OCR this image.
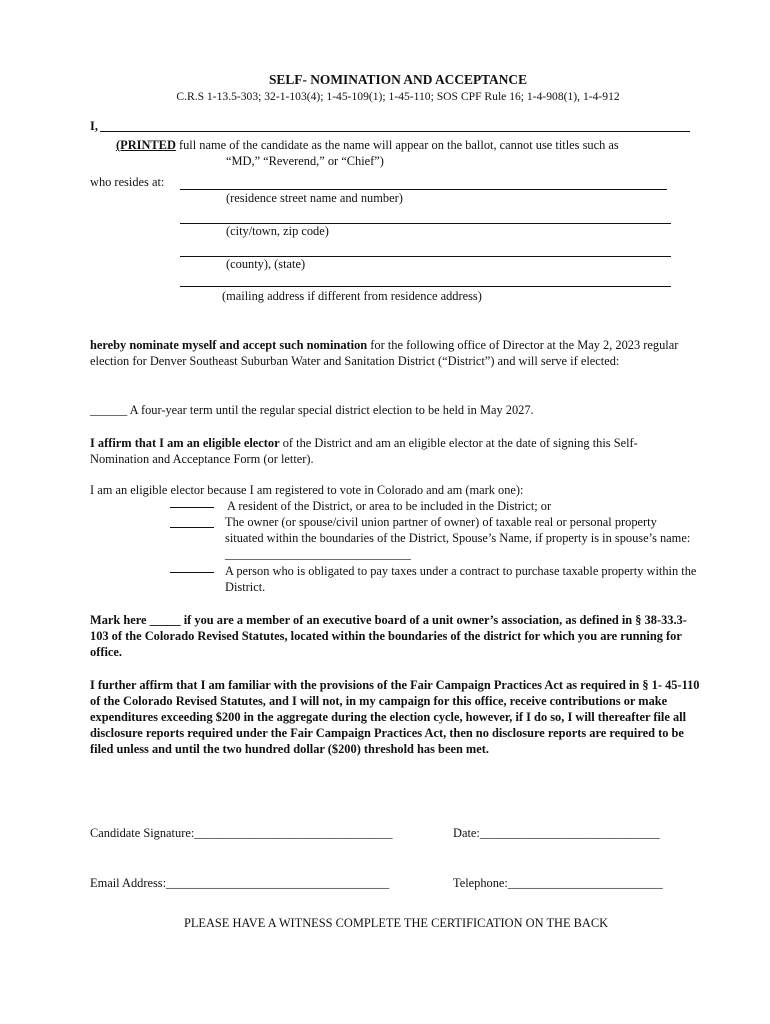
SELF- NOMINATION AND ACCEPTANCE
C.R.S 1-13.5-303; 32-1-103(4); 1-45-109(1); 1-45-110; SOS CPF Rule 16; 1-4-908(1), 1-4-912
I,
(PRINTED full name of the candidate as the name will appear on the ballot, cannot use titles such as
“MD,” “Reverend,” or “Chief”)
who resides at:
(residence street name and number)
(city/town, zip code)
(county), (state)
(mailing address if different from residence address)

hereby nominate myself and accept such nomination for the following office of Director at the May 2, 2023 regular election for Denver Southeast Suburban Water and Sanitation District (“District”) and will serve if elected:

______ A four-year term until the regular special district election to be held in May 2027.

I affirm that I am an eligible elector of the District and am an eligible elector at the date of signing this Self-Nomination and Acceptance Form (or letter).

I am an eligible elector because I am registered to vote in Colorado and am (mark one):
A resident of the District, or area to be included in the District; or
The owner (or spouse/civil union partner of owner) of taxable real or personal property situated within the boundaries of the District, Spouse’s Name, if property is in spouse’s name: ______________________________
A person who is obligated to pay taxes under a contract to purchase taxable property within the District.

Mark here _____ if you are a member of an executive board of a unit owner’s association, as defined in § 38-33.3-103 of the Colorado Revised Statutes, located within the boundaries of the district for which you are running for office.

I further affirm that I am familiar with the provisions of the Fair Campaign Practices Act as required in § 1- 45-110 of the Colorado Revised Statutes, and I will not, in my campaign for this office, receive contributions or make expenditures exceeding $200 in the aggregate during the election cycle, however, if I do so, I will thereafter file all disclosure reports required under the Fair Campaign Practices Act, then no disclosure reports are required to be filed unless and until the two hundred dollar ($200) threshold has been met.

Candidate Signature:________________________________	Date:_____________________________
Email Address:____________________________________	Telephone:_________________________
PLEASE HAVE A WITNESS COMPLETE THE CERTIFICATION ON THE BACK
